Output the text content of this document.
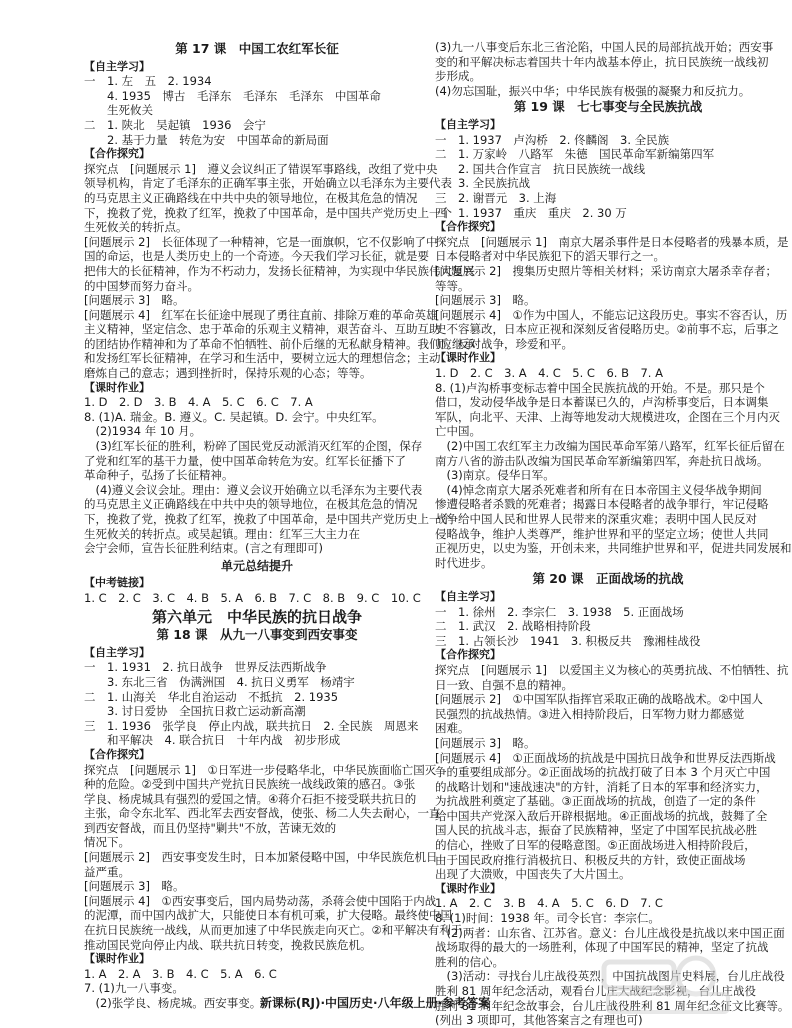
第 17 课　中国工农红军长征
【自主学习】
一　1. 左　五　2. 1934
　　4. 1935　博古　毛泽东　毛泽东　毛泽东　中国革命
　　生死攸关
二　1. 陕北　吴起镇　1936　会宁
　　2. 基于力量　转危为安　中国革命的新局面
【合作探究】
探究点　[问题展示 1]　遵义会议纠正了错误军事路线，改组了党中央
领导机构，肯定了毛泽东的正确军事主张，开始确立以毛泽东为主要代表
的马克思主义正确路线在中共中央的领导地位，在极其危急的情况
下，挽救了党，挽救了红军，挽救了中国革命，是中国共产党历史上一个
生死攸关的转折点。
[问题展示 2]　长征体现了一种精神，它是一面旗帜，它不仅影响了中
国的命运，也是人类历史上的一个奇迹。今天我们学习长征，就是要
把伟大的长征精神，作为不朽动力，发扬长征精神，为实现中华民族伟大复兴
的中国梦而努力奋斗。
[问题展示 3]　略。
[问题展示 4]　红军在长征途中展现了勇往直前、排除万难的革命英雄
主义精神，坚定信念、忠于革命的乐观主义精神，艰苦奋斗、互助互助
的团结协作精神和为了革命不怕牺牲、前仆后继的无私献身精神。我们应继承
和发扬红军长征精神，在学习和生活中，要树立远大的理想信念；主动
磨炼自己的意志；遇到挫折时，保持乐观的心态；等等。
【课时作业】
1. D　2. D　3. B　4. A　5. C　6. C　7. A
8. (1)A. 瑞金。B. 遵义。C. 吴起镇。D. 会宁。中央红军。
　(2)1934 年 10 月。
　(3)红军长征的胜利，粉碎了国民党反动派消灭红军的企图，保存
了党和红军的基干力量，使中国革命转危为安。红军长征播下了
革命种子，弘扬了长征精神。
　(4)遵义会议会址。理由：遵义会议开始确立以毛泽东为主要代表
的马克思主义正确路线在中共中央的领导地位，在极其危急的情况
下，挽救了党，挽救了红军，挽救了中国革命，是中国共产党历史上一个
生死攸关的转折点。或吴起镇。理由：红军三大主力在
会宁会师，宣告长征胜利结束。(言之有理即可)
单元总结提升
【中考链接】
1. C　2. C　3. C　4. B　5. A　6. B　7. C　8. B　9. C　10. C
第六单元　中华民族的抗日战争
第 18 课　从九一八事变到西安事变
【自主学习】
一　1. 1931　2. 抗日战争　世界反法西斯战争
　　3. 东北三省　伪满洲国　4. 抗日义勇军　杨靖宇
二　1. 山海关　华北自治运动　不抵抗　2. 1935
　　3. 讨日爱协　全国抗日救亡运动新高潮
三　1. 1936　张学良　停止内战，联共抗日　2. 全民族　周恩来
　　和平解决　4. 联合抗日　十年内战　初步形成
【合作探究】
探究点　[问题展示 1]　①日军进一步侵略华北，中华民族面临亡国灭
种的危险。②受到中国共产党抗日民族统一战线政策的感召。③张
学良、杨虎城具有强烈的爱国之情。④蒋介石拒不接受联共抗日的
主张，命令东北军、西北军去西安督战，使张、杨二人失去耐心，一直
到西安督战，而且仍坚持"剿共"不放，苦谏无效的
情况下。
[问题展示 2]　西安事变发生时，日本加紧侵略中国，中华民族危机日
益严重。
[问题展示 3]　略。
[问题展示 4]　①西安事变后，国内局势动荡，杀蒋会使中国陷于内战
的泥潭，而中国内战扩大，只能使日本有机可乘，扩大侵略。最终使中国
在抗日民族统一战线，从而更加速了中华民族走向灭亡。②和平解决有利于
推动国民党向停止内战、联共抗日转变，挽救民族危机。
【课时作业】
1. A　2. A　3. B　4. C　5. A　6. C
7. (1)九一八事变。
　(2)张学良、杨虎城。西安事变。
(3)九一八事变后东北三省沦陷，中国人民的局部抗战开始；西安事
变的和平解决标志着国共十年内战基本停止，抗日民族统一战线初
步形成。
(4)勿忘国耻，振兴中华；中华民族有极强的凝聚力和反抗力。
第 19 课　七七事变与全民族抗战
【自主学习】
一　1. 1937　卢沟桥　2. 佟麟阁　3. 全民族
二　1. 万家岭　八路军　朱德　国民革命军新编第四军
　　2. 国共合作宣言　抗日民族统一战线
　　3. 全民族抗战
三　2. 谢晋元　3. 上海
四　1. 1937　重庆　重庆　2. 30 万
【合作探究】
探究点　[问题展示 1]　南京大屠杀事件是日本侵略者的残暴本质，是
日本侵略者对中华民族犯下的滔天罪行之一。
[问题展示 2]　搜集历史照片等相关材料；采访南京大屠杀幸存者；
等等。
[问题展示 3]　略。
[问题展示 4]　①作为中国人，不能忘记这段历史。事实不容否认，历
史不容篡改，日本应正视和深刻反省侵略历史。②前事不忘，后事之
师。反对战争，珍爱和平。
【课时作业】
1. D　2. C　3. A　4. C　5. C　6. B　7. A
8. (1)卢沟桥事变标志着中国全民族抗战的开始。不是。那只是个
借口，发动侵华战争是日本蓄谋已久的，卢沟桥事变后，日本调集
军队，向北平、天津、上海等地发动大规模进攻，企图在三个月内灭
亡中国。
　(2)中国工农红军主力改编为国民革命军第八路军，红军长征后留在
南方八省的游击队改编为国民革命军新编第四军，奔赴抗日战场。
　(3)南京。侵华日军。
　(4)悼念南京大屠杀死难者和所有在日本帝国主义侵华战争期间
惨遭侵略者杀戮的死难者；揭露日本侵略者的战争罪行，牢记侵略
战争给中国人民和世界人民带来的深重灾难；表明中国人民反对
侵略战争，维护人类尊严，维护世界和平的坚定立场；使世人共同
正视历史，以史为鉴，开创未来，共同维护世界和平，促进共同发展和
时代进步。
第 20 课　正面战场的抗战
【自主学习】
一　1. 徐州　2. 李宗仁　3. 1938　5. 正面战场
二　1. 武汉　2. 战略相持阶段
三　1. 占领长沙　1941　3. 积极反共　豫湘桂战役
【合作探究】
探究点　[问题展示 1]　以爱国主义为核心的英勇抗战、不怕牺牲、抗
日一致、自强不息的精神。
[问题展示 2]　①中国军队指挥官采取正确的战略战术。②中国人
民强烈的抗战热情。③进入相持阶段后，日军物力财力都感觉
困难。
[问题展示 3]　略。
[问题展示 4]　①正面战场的抗战是中国抗日战争和世界反法西斯战
争的重要组成部分。②正面战场的抗战打破了日本 3 个月灭亡中国
的战略计划和"速战速决"的方针，消耗了日本的军事和经济实力，
为抗战胜利奠定了基础。③正面战场的抗战，创造了一定的条件
给中国共产党深入敌后开辟根据地。④正面战场的抗战，鼓舞了全
国人民的抗战斗志，振奋了民族精神，坚定了中国军民抗战必胜
的信心，挫败了日军的侵略意图。⑤正面战场进入相持阶段后，
由于国民政府推行消极抗日、积极反共的方针，致使正面战场
出现了大溃败，中国丧失了大片国土。
【课时作业】
1. A　2. C　3. B　4. A　5. C　6. D　7. C
8. (1)时间：1938 年。司令长官：李宗仁。
　(2)两者：山东省、江苏省。意义：台儿庄战役是抗战以来中国正面
战场取得的最大的一场胜利，体现了中国军民的精神，坚定了抗战
胜利的信心。
　(3)活动：寻找台儿庄战役英烈，中国抗战图片史料展，台儿庄战役
胜利 81 周年纪念活动，观看台儿庄大战纪念影视，台儿庄战役
胜利 81 周年纪念故事会，台儿庄战役胜利 81 周年纪念征文比赛等。
(列出 3 项即可，其他答案言之有理也可)
新课标(RJ)·中国历史·八年级上册·参考答案
